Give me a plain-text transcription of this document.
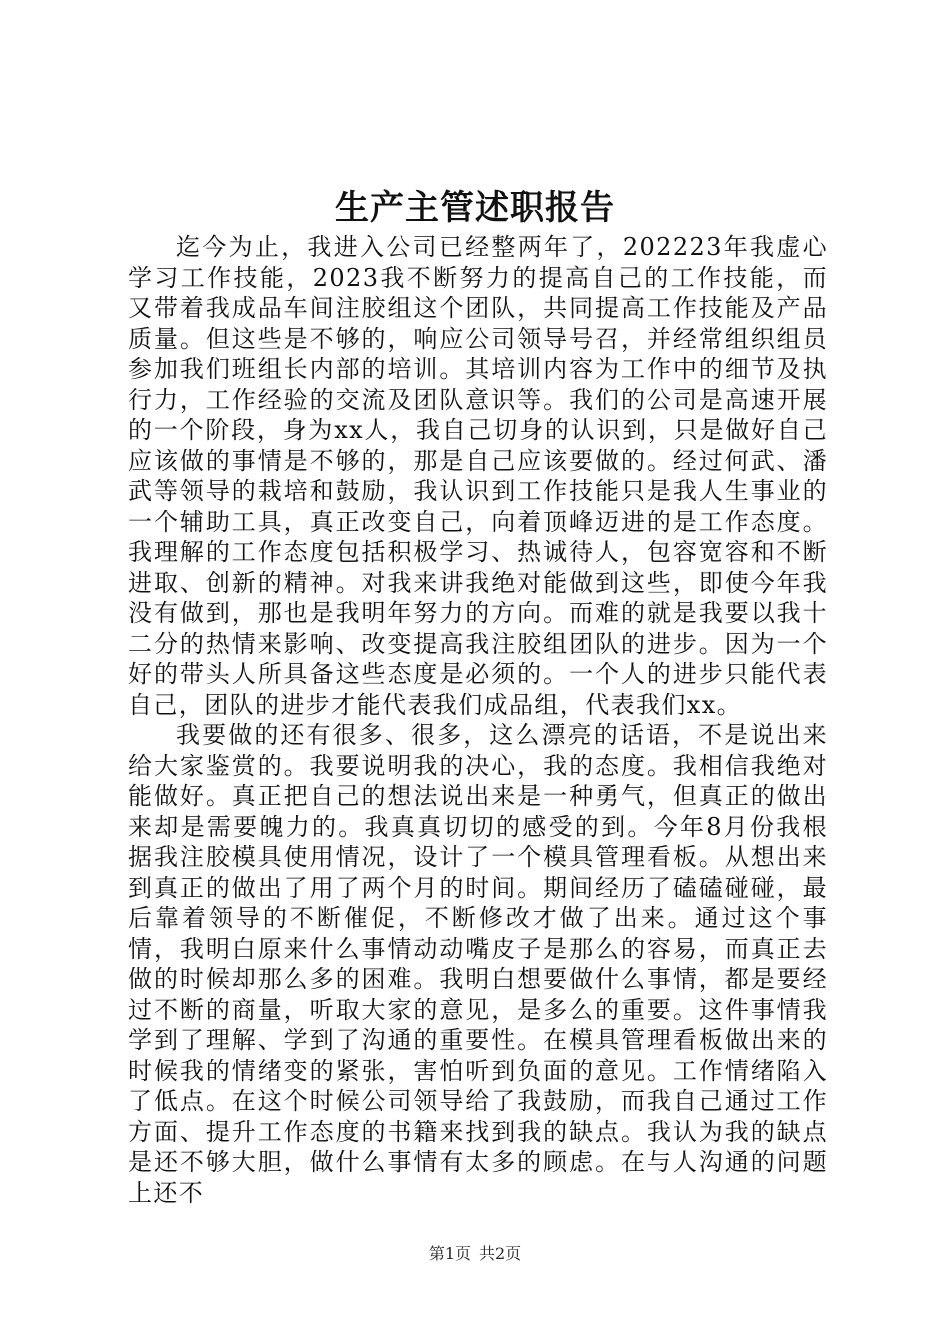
生产主管述职报告

迄今为止，我进入公司已经整两年了，202223年我虚心学习工作技能，2023我不断努力的提高自己的工作技能，而又带着我成品车间注胶组这个团队，共同提高工作技能及产品质量。但这些是不够的，响应公司领导号召，并经常组织组员参加我们班组长内部的培训。其培训内容为工作中的细节及执行力，工作经验的交流及团队意识等。我们的公司是高速开展的一个阶段，身为xx人，我自己切身的认识到，只是做好自己应该做的事情是不够的，那是自己应该要做的。经过何武、潘武等领导的栽培和鼓励，我认识到工作技能只是我人生事业的一个辅助工具，真正改变自己，向着顶峰迈进的是工作态度。我理解的工作态度包括积极学习、热诚待人，包容宽容和不断进取、创新的精神。对我来讲我绝对能做到这些，即使今年我没有做到，那也是我明年努力的方向。而难的就是我要以我十二分的热情来影响、改变提高我注胶组团队的进步。因为一个好的带头人所具备这些态度是必须的。一个人的进步只能代表自己，团队的进步才能代表我们成品组，代表我们xx。

我要做的还有很多、很多，这么漂亮的话语，不是说出来给大家鉴赏的。我要说明我的决心，我的态度。我相信我绝对能做好。真正把自己的想法说出来是一种勇气，但真正的做出来却是需要魄力的。我真真切切的感受的到。今年8月份我根据我注胶模具使用情况，设计了一个模具管理看板。从想出来到真正的做出了用了两个月的时间。期间经历了磕磕碰碰，最后靠着领导的不断催促，不断修改才做了出来。通过这个事情，我明白原来什么事情动动嘴皮子是那么的容易，而真正去做的时候却那么多的困难。我明白想要做什么事情，都是要经过不断的商量，听取大家的意见，是多么的重要。这件事情我学到了理解、学到了沟通的重要性。在模具管理看板做出来的时候我的情绪变的紧张，害怕听到负面的意见。工作情绪陷入了低点。在这个时候公司领导给了我鼓励，而我自己通过工作方面、提升工作态度的书籍来找到我的缺点。我认为我的缺点是还不够大胆，做什么事情有太多的顾虑。在与人沟通的问题上还不

第1页 共2页
